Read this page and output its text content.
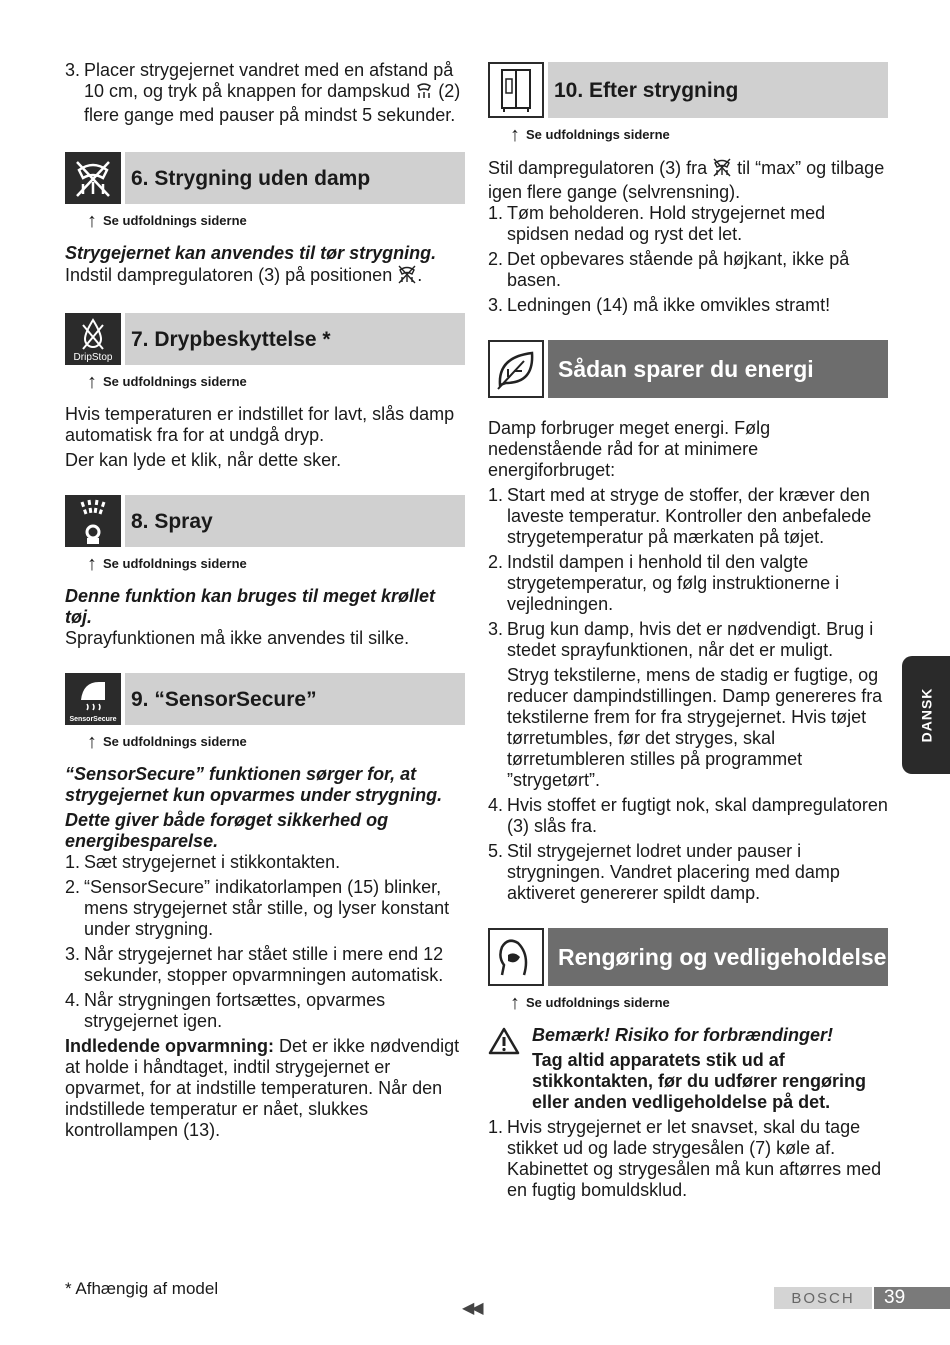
3. Placer strygejernet vandret med en afstand på 10 cm, og tryk på knappen for dampskud (2) flere gange med pauser på mindst 5 sekunder.
6. Strygning uden damp
↑ Se udfoldnings siderne

Strygejernet kan anvendes til tør strygning.

Indstil dampregulatoren (3) på positionen .

DripStop
7. Drypbeskyttelse *
↑ Se udfoldnings siderne

Hvis temperaturen er indstillet for lavt, slås damp automatisk fra for at undgå dryp.

Der kan lyde et klik, når dette sker.

8. Spray
↑ Se udfoldnings siderne

Denne funktion kan bruges til meget krøllet tøj.

Sprayfunktionen må ikke anvendes til silke.

SensorSecure
9. “SensorSecure”
↑ Se udfoldnings siderne

“SensorSecure” funktionen sørger for, at strygejernet kun opvarmes under strygning.

Dette giver både forøget sikkerhed og energibesparelse.

1. Sæt strygejernet i stikkontakten.
2. “SensorSecure” indikatorlampen (15) blinker, mens strygejernet står stille, og lyser konstant under strygning.
3. Når strygejernet har stået stille i mere end 12 sekunder, stopper opvarmningen automatisk.
4. Når strygningen fortsættes, opvarmes strygejernet igen.

Indledende opvarmning: Det er ikke nødvendigt at holde i håndtaget, indtil strygejernet er opvarmet, for at indstille temperaturen. Når den indstillede temperatur er nået, slukkes kontrollampen (13).

10. Efter strygning
↑ Se udfoldnings siderne

Stil dampregulatoren (3) fra til “max” og tilbage igen flere gange (selvrensning).

1. Tøm beholderen. Hold strygejernet med spidsen nedad og ryst det let.
2. Det opbevares stående på højkant, ikke på basen.
3. Ledningen (14) må ikke omvikles stramt!
Sådan sparer du energi

Damp forbruger meget energi. Følg nedenstående råd for at minimere energiforbruget:

1. Start med at stryge de stoffer, der kræver den laveste temperatur. Kontroller den anbefalede strygetemperatur på mærkaten på tøjet.
2. Indstil dampen i henhold til den valgte strygetemperatur, og følg instruktionerne i vejledningen.
3. Brug kun damp, hvis det er nødvendigt. Brug i stedet sprayfunktionen, når det er muligt.

Stryg tekstilerne, mens de stadig er fugtige, og reducer dampindstillingen. Damp genereres fra tekstilerne frem for fra strygejernet. Hvis tøjet tørretumbles, før det stryges, skal tørretumbleren stilles på programmet ”strygetørt”.

4. Hvis stoffet er fugtigt nok, skal dampregulatoren (3) slås fra.
5. Stil strygejernet lodret under pauser i strygningen. Vandret placering med damp aktiveret genererer spildt damp.
Rengøring og vedligeholdelse
↑ Se udfoldnings siderne

Bemærk! Risiko for forbrændinger!

Tag altid apparatets stik ud af stikkontakten, før du udfører rengøring eller anden vedligeholdelse på det.

1. Hvis strygejernet er let snavset, skal du tage stikket ud og lade strygesålen (7) køle af. Kabinettet og strygesålen må kun aftørres med en fugtig bomuldsklud.
DANSK
* Afhængig af model
◀◀
BOSCH	39
